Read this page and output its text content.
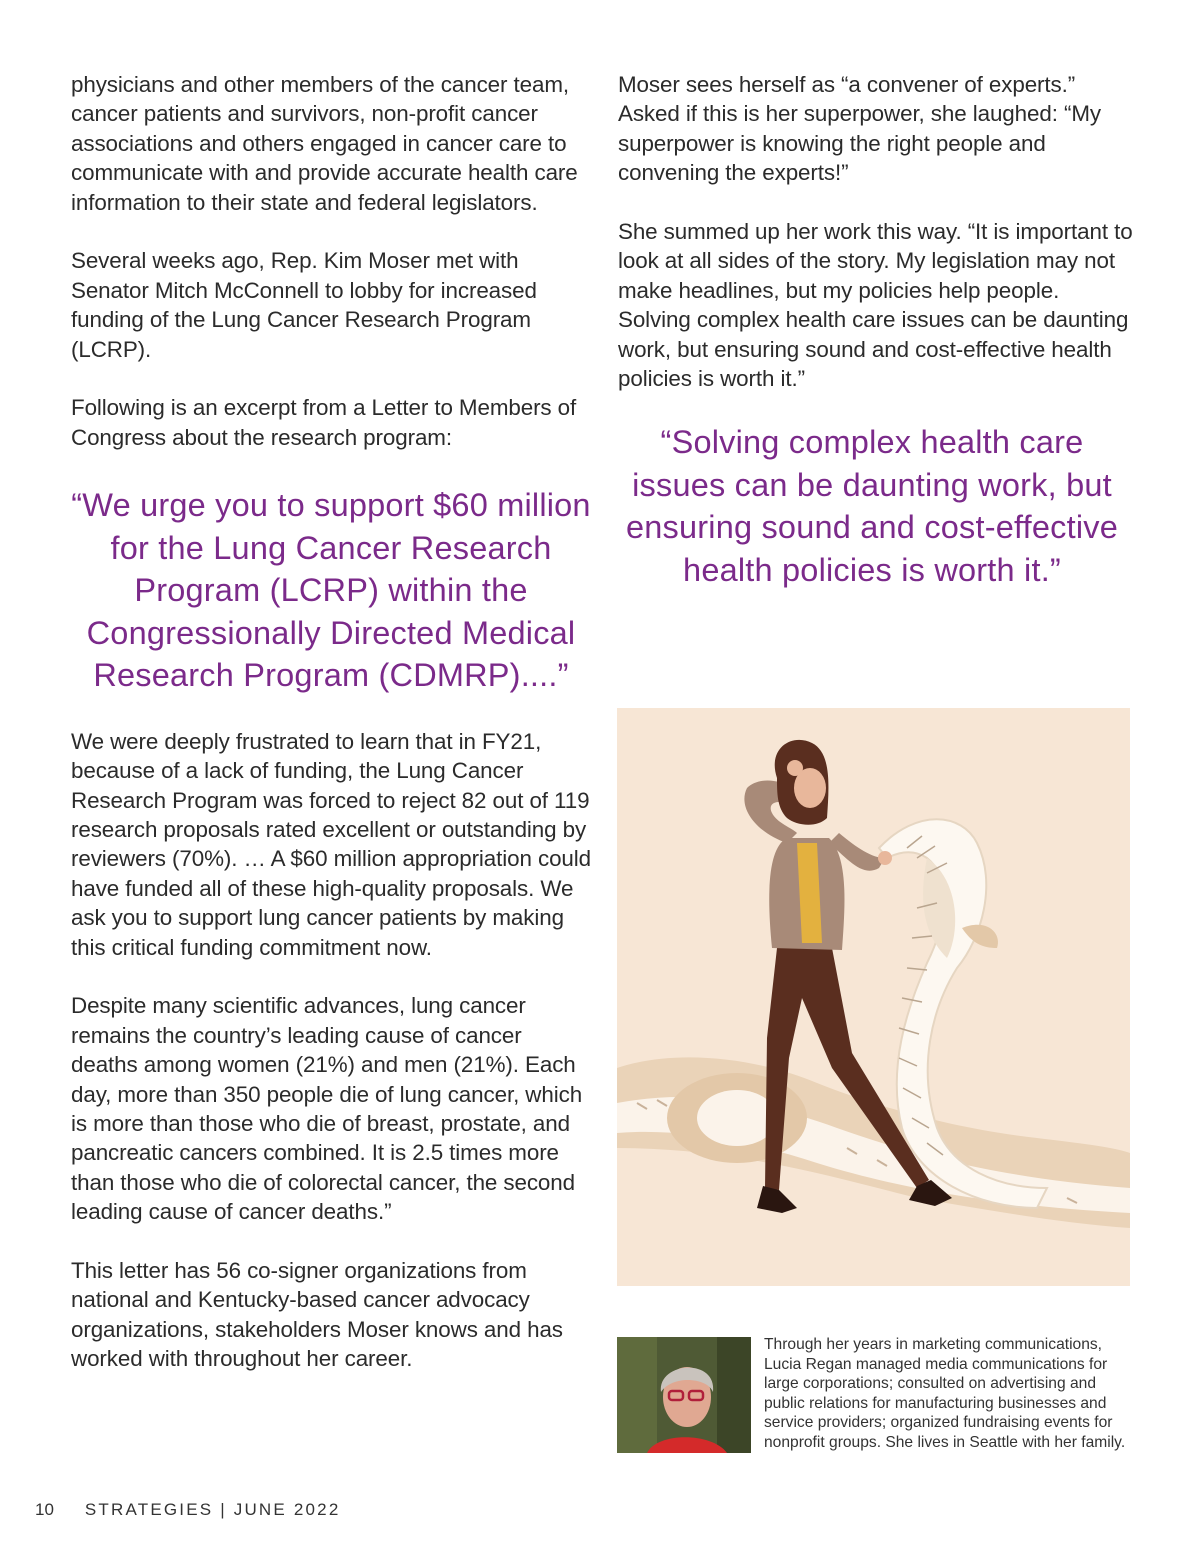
physicians and other members of the cancer team, cancer patients and survivors, non-profit cancer associations and others engaged in cancer care to communicate with and provide accurate health care information to their state and federal legislators.

Several weeks ago, Rep. Kim Moser met with Senator Mitch McConnell to lobby for increased funding of the Lung Cancer Research Program (LCRP).

Following is an excerpt from a Letter to Members of Congress about the research program:

“We urge you to support $60 million for the Lung Cancer Research Program (LCRP) within the Congressionally Directed Medical Research Program (CDMRP)....”

We were deeply frustrated to learn that in FY21, because of a lack of funding, the Lung Cancer Research Program was forced to reject 82 out of 119 research proposals rated excellent or outstanding by reviewers (70%). … A $60 million appropriation could have funded all of these high-quality proposals. We ask you to support lung cancer patients by making this critical funding commitment now.

Despite many scientific advances, lung cancer remains the country’s leading cause of cancer deaths among women (21%) and men (21%). Each day, more than 350 people die of lung cancer, which is more than those who die of breast, prostate, and pancreatic cancers combined. It is 2.5 times more than those who die of colorectal cancer, the second leading cause of cancer deaths.”

This letter has 56 co-signer organizations from national and Kentucky-based cancer advocacy organizations, stakeholders Moser knows and has worked with throughout her career.

Moser sees herself as “a convener of experts.” Asked if this is her superpower, she laughed: “My superpower is knowing the right people and convening the experts!”

She summed up her work this way. “It is important to look at all sides of the story. My legislation may not make headlines, but my policies help people. Solving complex health care issues can be daunting work, but ensuring sound and cost-effective health policies is worth it.”

“Solving complex health care issues can be daunting work, but ensuring sound and cost-effective health policies is worth it.”

Through her years in marketing communications, Lucia Regan managed media communications for large corporations; consulted on advertising and public relations for manufacturing businesses and service providers; organized fundraising events for nonprofit groups. She lives in Seattle with her family.
10 STRATEGIES | JUNE 2022
